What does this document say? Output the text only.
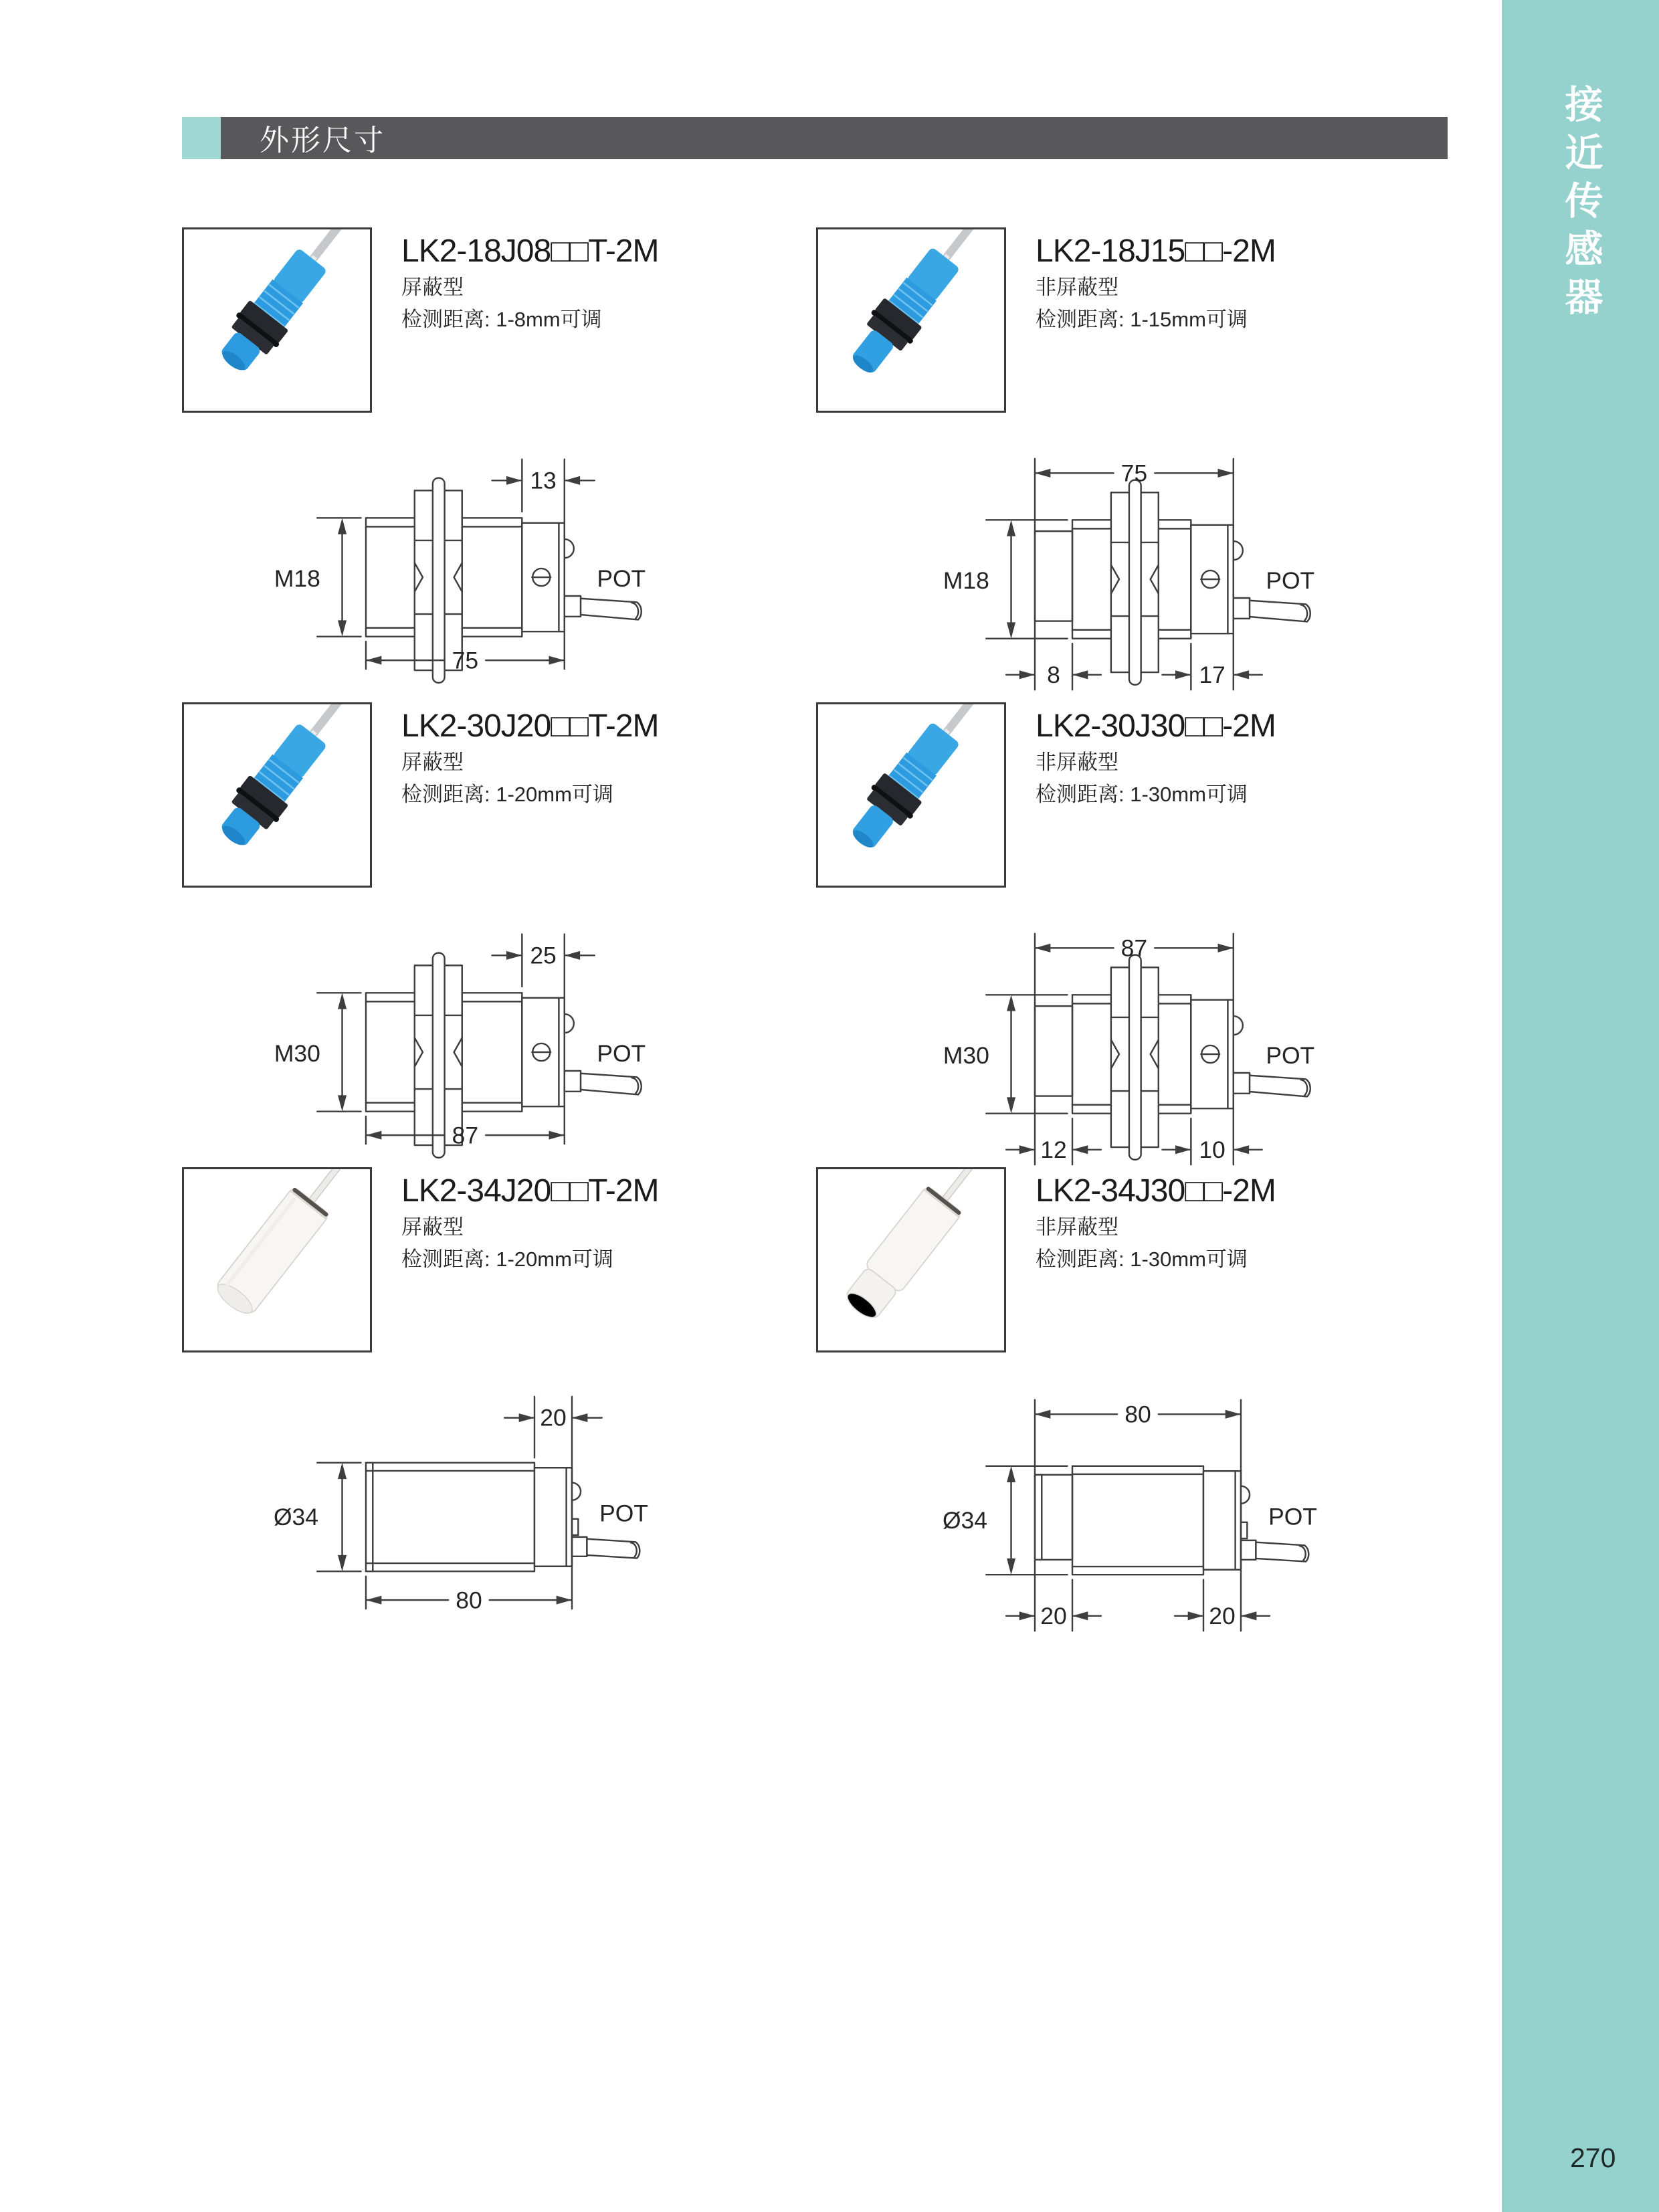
接近传感器
270
外形尺寸
LK2-18J08□□T-2M
屏蔽型
检测距离: 1-8mm可调
13
M18
75
POT
LK2-18J15□□-2M
非屏蔽型
检测距离: 1-15mm可调
75
M18
8	17
POT
LK2-30J20□□T-2M
屏蔽型
检测距离: 1-20mm可调
25
M30
87
POT
LK2-30J30□□-2M
非屏蔽型
检测距离: 1-30mm可调
87
M30
12	10
POT
LK2-34J20□□T-2M
屏蔽型
检测距离: 1-20mm可调
20
Ø34
80
POT
LK2-34J30□□-2M
非屏蔽型
检测距离: 1-30mm可调
80
Ø34
20	20
POT
